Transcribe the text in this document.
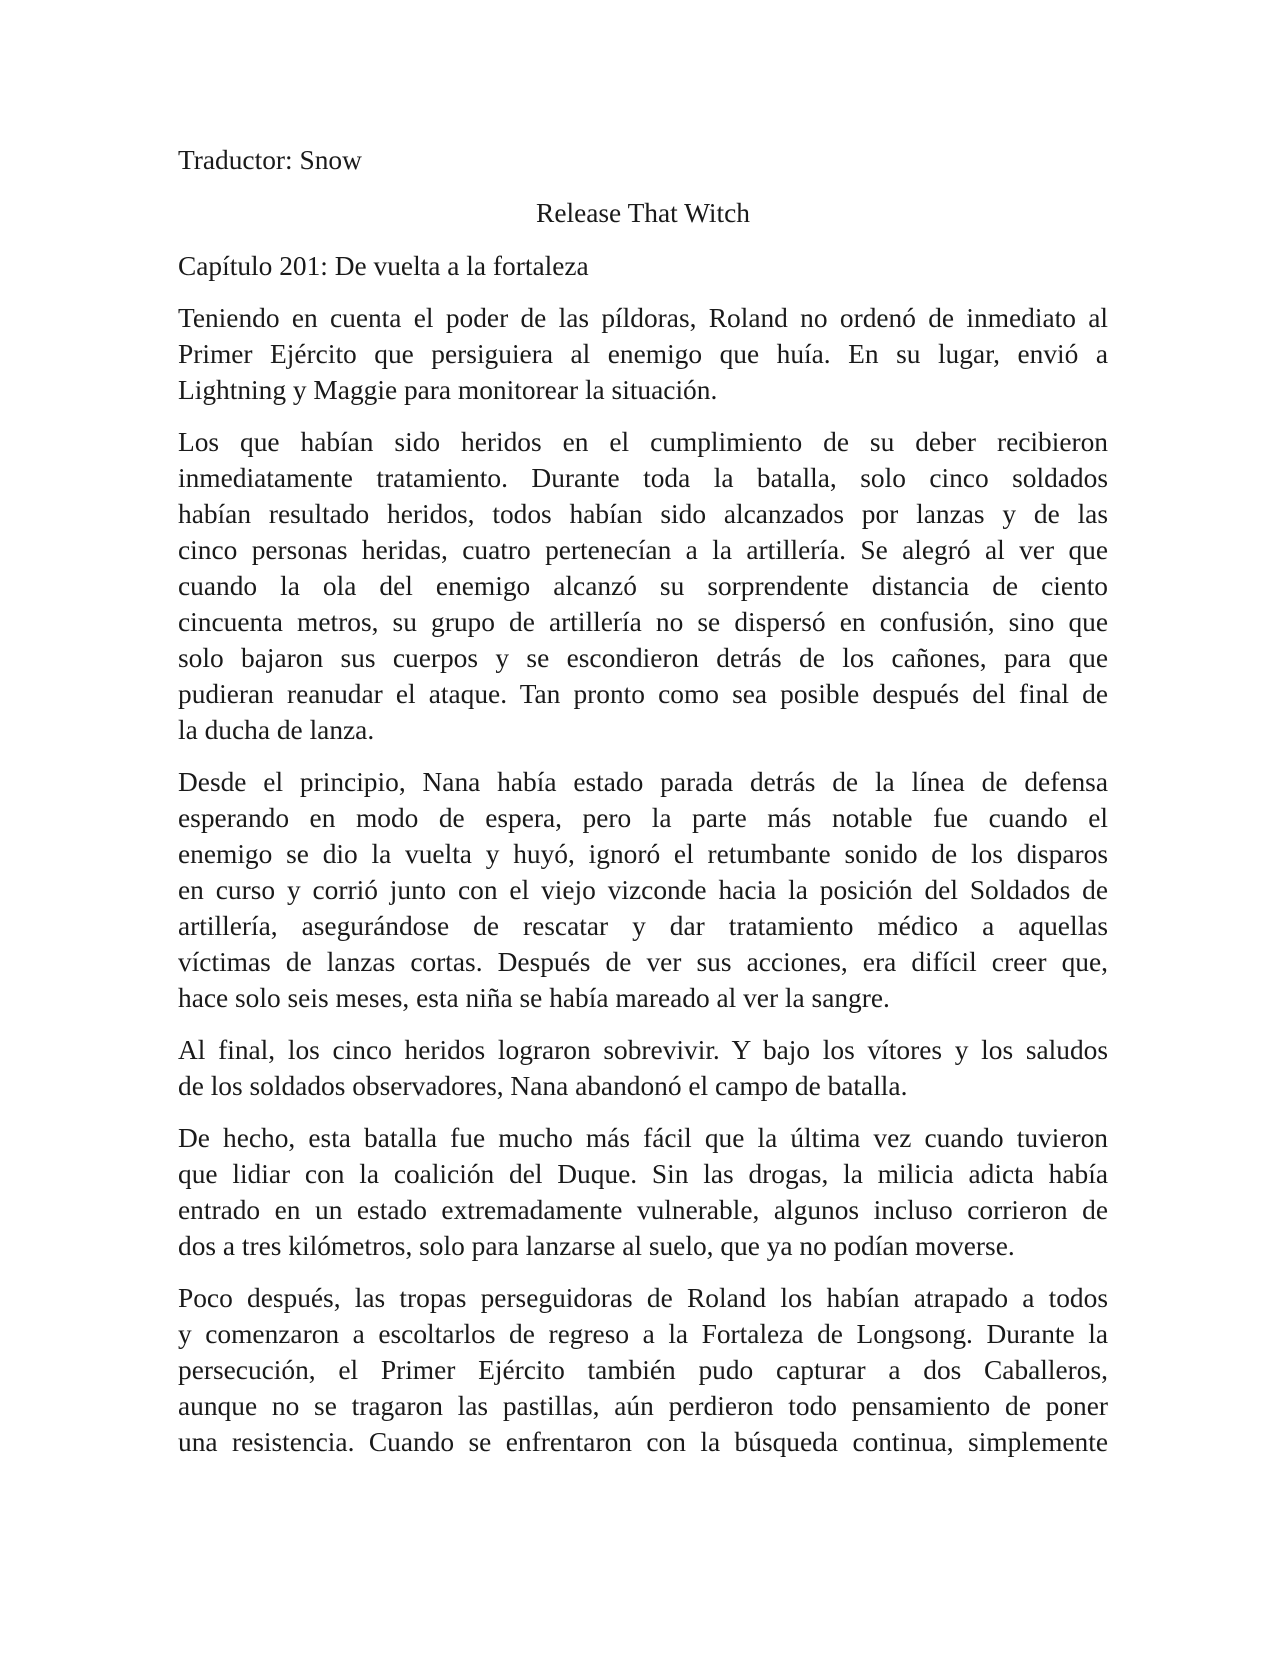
Traductor: Snow
Release That Witch
Capítulo 201: De vuelta a la fortaleza
Teniendo en cuenta el poder de las píldoras, Roland no ordenó de inmediato al
Primer Ejército que persiguiera al enemigo que huía. En su lugar, envió a
Lightning y Maggie para monitorear la situación.
Los que habían sido heridos en el cumplimiento de su deber recibieron
inmediatamente tratamiento. Durante toda la batalla, solo cinco soldados
habían resultado heridos, todos habían sido alcanzados por lanzas y de las
cinco personas heridas, cuatro pertenecían a la artillería. Se alegró al ver que
cuando la ola del enemigo alcanzó su sorprendente distancia de ciento
cincuenta metros, su grupo de artillería no se dispersó en confusión, sino que
solo bajaron sus cuerpos y se escondieron detrás de los cañones, para que
pudieran reanudar el ataque. Tan pronto como sea posible después del final de
la ducha de lanza.
Desde el principio, Nana había estado parada detrás de la línea de defensa
esperando en modo de espera, pero la parte más notable fue cuando el
enemigo se dio la vuelta y huyó, ignoró el retumbante sonido de los disparos
en curso y corrió junto con el viejo vizconde hacia la posición del Soldados de
artillería, asegurándose de rescatar y dar tratamiento médico a aquellas
víctimas de lanzas cortas. Después de ver sus acciones, era difícil creer que,
hace solo seis meses, esta niña se había mareado al ver la sangre.
Al final, los cinco heridos lograron sobrevivir. Y bajo los vítores y los saludos
de los soldados observadores, Nana abandonó el campo de batalla.
De hecho, esta batalla fue mucho más fácil que la última vez cuando tuvieron
que lidiar con la coalición del Duque. Sin las drogas, la milicia adicta había
entrado en un estado extremadamente vulnerable, algunos incluso corrieron de
dos a tres kilómetros, solo para lanzarse al suelo, que ya no podían moverse.
Poco después, las tropas perseguidoras de Roland los habían atrapado a todos
y comenzaron a escoltarlos de regreso a la Fortaleza de Longsong. Durante la
persecución, el Primer Ejército también pudo capturar a dos Caballeros,
aunque no se tragaron las pastillas, aún perdieron todo pensamiento de poner
una resistencia. Cuando se enfrentaron con la búsqueda continua, simplemente
